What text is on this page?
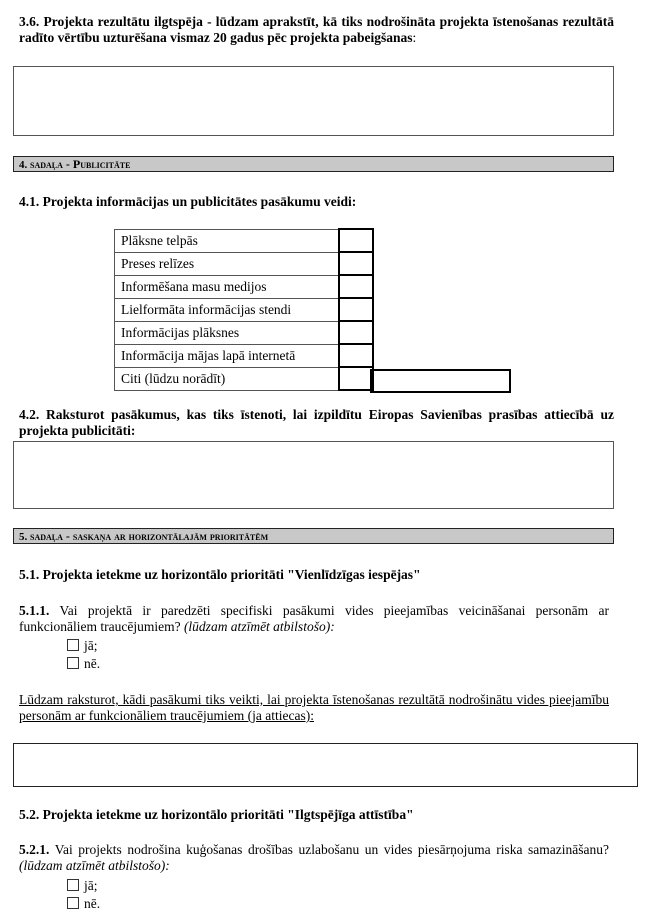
3.6. Projekta rezultātu ilgtspēja - lūdzam aprakstīt, kā tiks nodrošināta projekta īstenošanas rezultātā radīto vērtību uzturēšana vismaz 20 gadus pēc projekta pabeigšanas:
4. sadaļa - Publicitāte
4.1. Projekta informācijas un publicitātes pasākumu veidi:
Plāksne telpās	
Preses relīzes	
Informēšana masu medijos	
Lielformāta informācijas stendi	
Informācijas plāksnes	
Informācija mājas lapā internetā	
Citi (lūdzu norādīt)	
4.2. Raksturot pasākumus, kas tiks īstenoti, lai izpildītu Eiropas Savienības prasības attiecībā uz projekta publicitāti:
5. sadaļa - saskaņa ar horizontālajām prioritātēm
5.1. Projekta ietekme uz horizontālo prioritāti "Vienlīdzīgas iespējas"
5.1.1. Vai projektā ir paredzēti specifiski pasākumi vides pieejamības veicināšanai personām ar funkcionāliem traucējumiem? (lūdzam atzīmēt atbilstošo):
jā;
nē.
Lūdzam raksturot, kādi pasākumi tiks veikti, lai projekta īstenošanas rezultātā nodrošinātu vides pieejamību personām ar funkcionāliem traucējumiem (ja attiecas):
5.2. Projekta ietekme uz horizontālo prioritāti "Ilgtspējīga attīstība"
5.2.1. Vai projekts nodrošina kuģošanas drošības uzlabošanu un vides piesārņojuma riska samazināšanu? (lūdzam atzīmēt atbilstošo):
jā;
nē.
